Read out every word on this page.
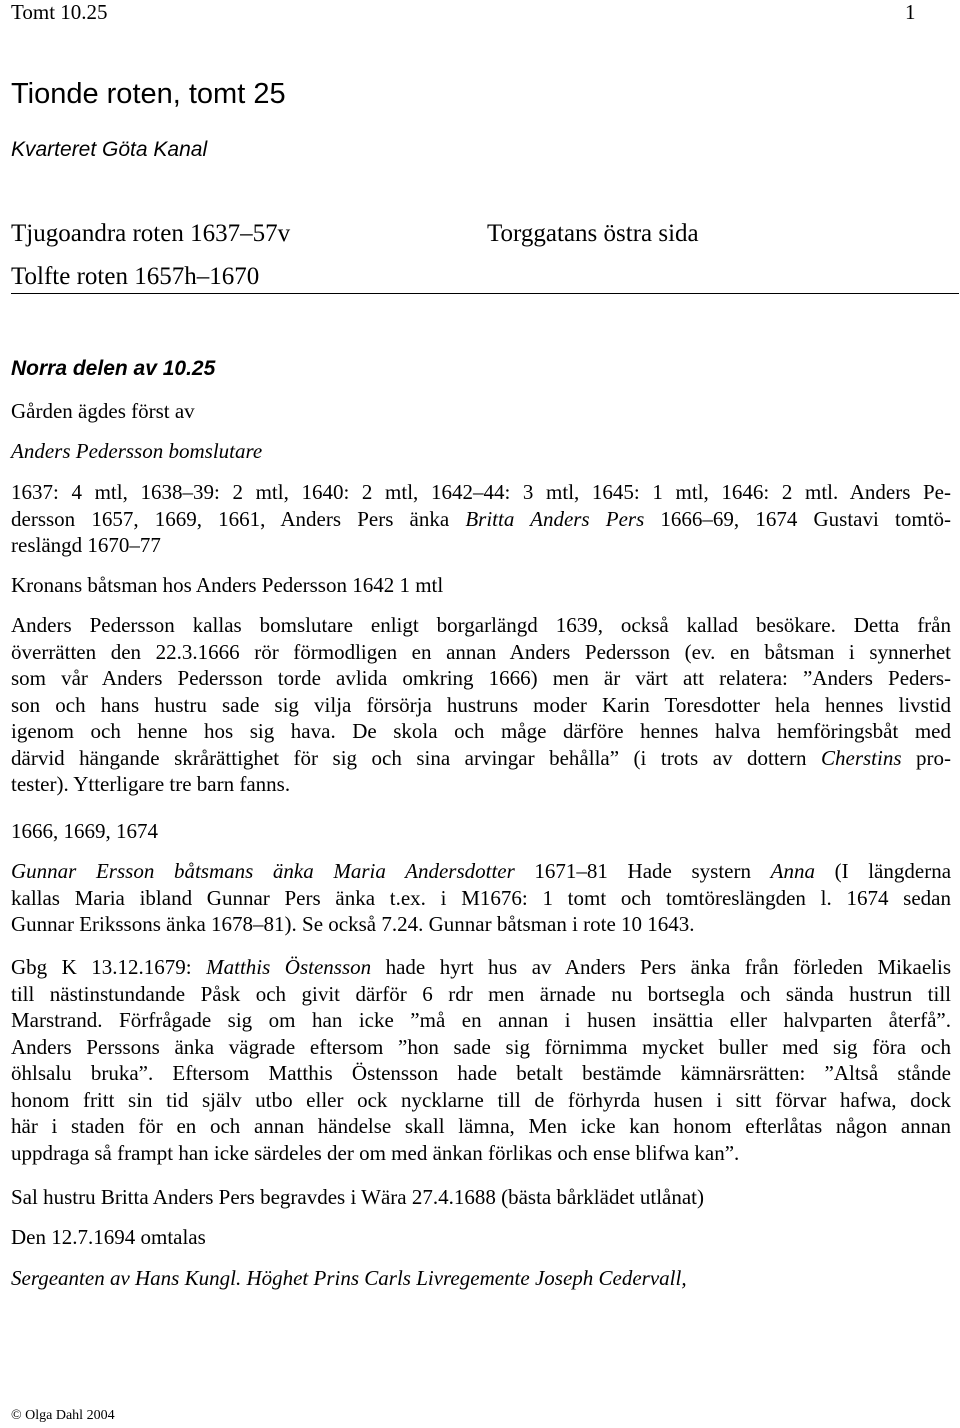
Tomt 10.25	1
Tionde roten, tomt 25
Kvarteret Göta Kanal
Tjugoandra roten 1637–57v
Tolfte roten 1657h–1670
Torggatans östra sida
Norra delen av 10.25
Gården ägdes först av
Anders Pedersson bomslutare
1637: 4 mtl, 1638–39: 2 mtl, 1640: 2 mtl, 1642–44: 3 mtl, 1645: 1 mtl, 1646: 2 mtl. Anders Pe-
dersson 1657, 1669, 1661, Anders Pers änka Britta Anders Pers 1666–69, 1674 Gustavi tomtö-
reslängd 1670–77
Kronans båtsman hos Anders Pedersson 1642 1 mtl
Anders Pedersson kallas bomslutare enligt borgarlängd 1639, också kallad besökare. Detta från
överrätten den 22.3.1666 rör förmodligen en annan Anders Pedersson (ev. en båtsman i synnerhet
som vår Anders Pedersson torde avlida omkring 1666) men är värt att relatera: ”Anders Peders-
son och hans hustru sade sig vilja försörja hustruns moder Karin Toresdotter hela hennes livstid
igenom och henne hos sig hava. De skola och måge därföre hennes halva hemföringsbåt med
därvid hängande skrårättighet för sig och sina arvingar behålla” (i trots av dottern Cherstins pro-
tester). Ytterligare tre barn fanns.
1666, 1669, 1674
Gunnar Ersson båtsmans änka Maria Andersdotter 1671–81 Hade systern Anna (I längderna
kallas Maria ibland Gunnar Pers änka t.ex. i M1676: 1 tomt och tomtöreslängden l. 1674 sedan
Gunnar Erikssons änka 1678–81). Se också 7.24. Gunnar båtsman i rote 10 1643.
Gbg K 13.12.1679: Matthis Östensson hade hyrt hus av Anders Pers änka från förleden Mikaelis
till nästinstundande Påsk och givit därför 6 rdr men ärnade nu bortsegla och sända hustrun till
Marstrand. Förfrågade sig om han icke ”må en annan i husen insättia eller halvparten återfå”.
Anders Perssons änka vägrade eftersom ”hon sade sig förnimma mycket buller med sig föra och
öhlsalu bruka”. Eftersom Matthis Östensson hade betalt bestämde kämnärsrätten: ”Altså stånde
honom fritt sin tid själv utbo eller ock nycklarne till de förhyrda husen i sitt förvar hafwa, dock
här i staden för en och annan händelse skall lämna, Men icke kan honom efterlåtas någon annan
uppdraga så frampt han icke särdeles der om med änkan förlikas och ense blifwa kan”.
Sal hustru Britta Anders Pers begravdes i Wära 27.4.1688 (bästa bårklädet utlånat)
Den 12.7.1694 omtalas
Sergeanten av Hans Kungl. Höghet Prins Carls Livregemente Joseph Cedervall,
© Olga Dahl 2004
